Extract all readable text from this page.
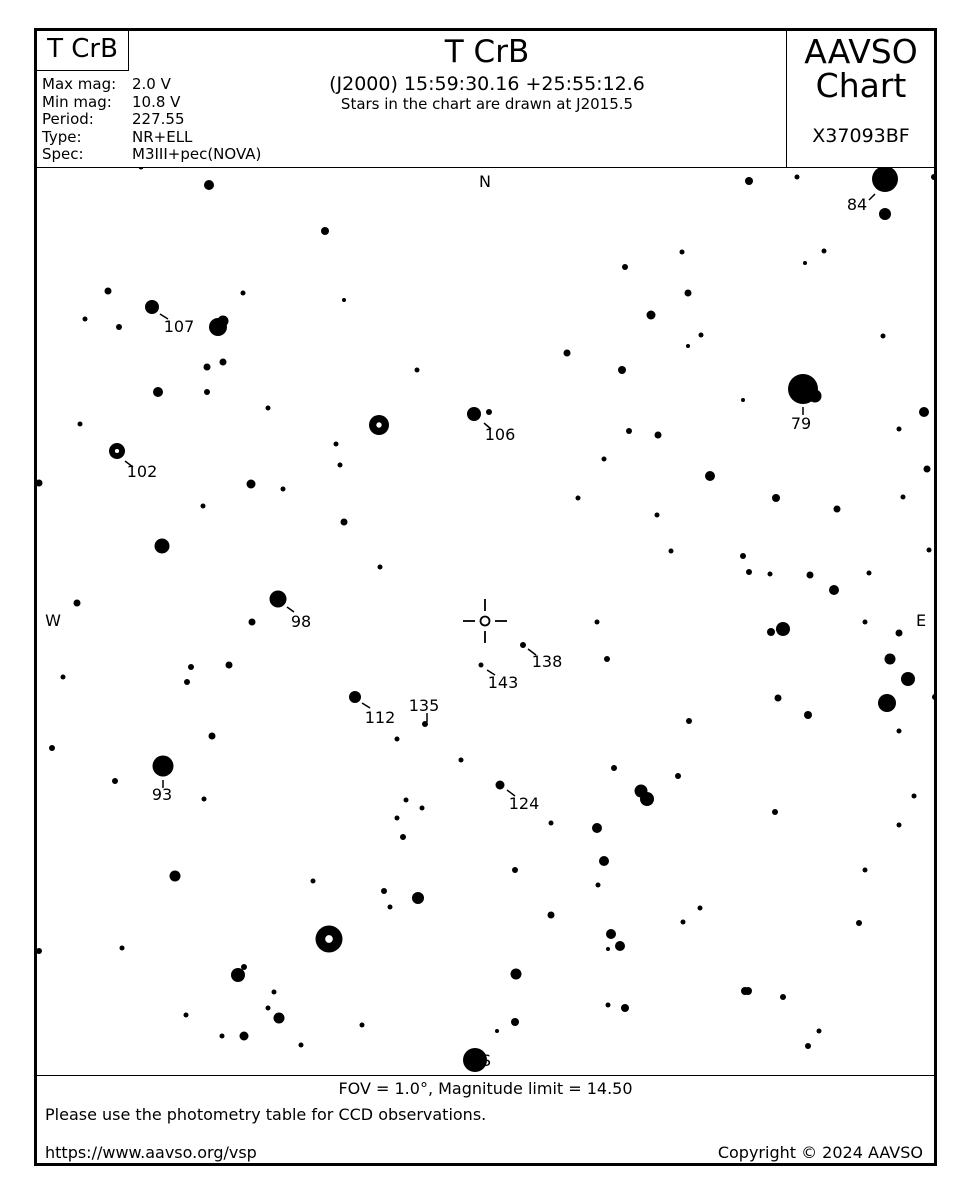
T CrB
Max mag:	2.0 V
Min mag:	10.8 V
Period:	227.55
Type:	NR+ELL
Spec:	M3III+pec(NOVA)
T CrB
(J2000) 15:59:30.16 +25:55:12.6
Stars in the chart are drawn at J2015.5
AAVSO
Chart
X37093BF
N
S
W	E
84
107
79
106
102
98
138
143
112
135
93	124
FOV = 1.0°, Magnitude limit = 14.50
Please use the photometry table for CCD observations.
https://www.aavso.org/vsp	Copyright © 2024 AAVSO
